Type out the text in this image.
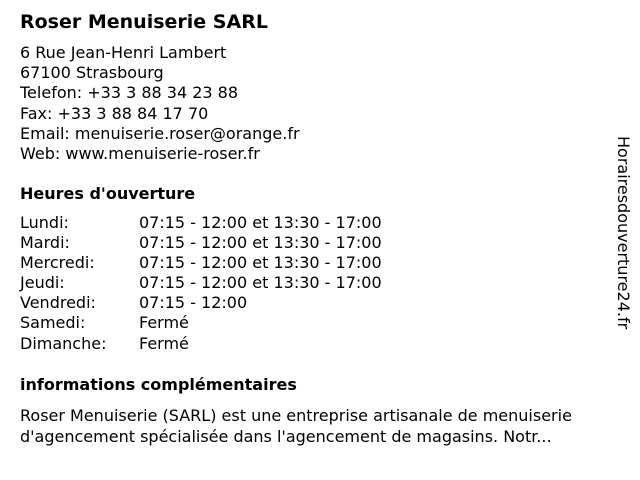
Roser Menuiserie SARL
6 Rue Jean-Henri Lambert
67100 Strasbourg
Telefon: +33 3 88 34 23 88
Fax: +33 3 88 84 17 70
Email: menuiserie.roser@orange.fr
Web: www.menuiserie-roser.fr
Heures d'ouverture
Lundi:	07:15 - 12:00 et 13:30 - 17:00
Mardi:	07:15 - 12:00 et 13:30 - 17:00
Mercredi:	07:15 - 12:00 et 13:30 - 17:00
Jeudi:	07:15 - 12:00 et 13:30 - 17:00
Vendredi:	07:15 - 12:00
Samedi:	Fermé
Dimanche:	Fermé
informations complémentaires
Roser Menuiserie (SARL) est une entreprise artisanale de menuiserie
d'agencement spécialisée dans l'agencement de magasins. Notr...
Horairesdouverture24.fr
